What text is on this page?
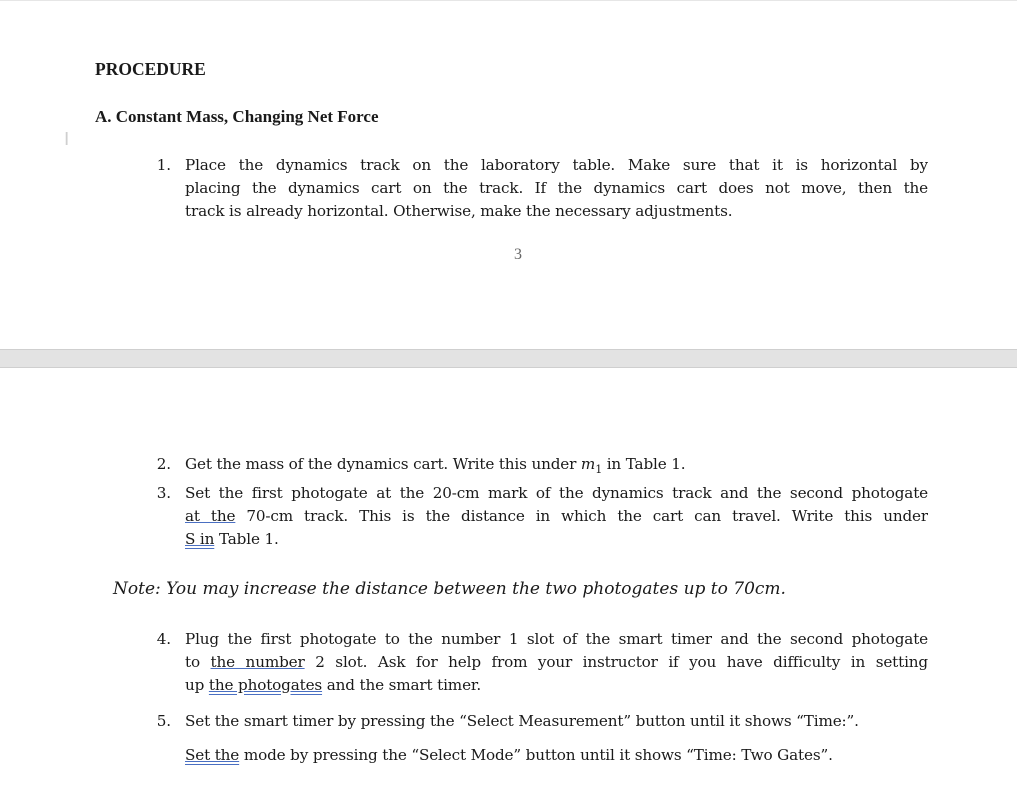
PROCEDURE
A. Constant Mass, Changing Net Force
I
1. Place the dynamics track on the laboratory table. Make sure that it is horizontal by
placing the dynamics cart on the track. If the dynamics cart does not move, then the
track is already horizontal. Otherwise, make the necessary adjustments.
3
2. Get the mass of the dynamics cart. Write this under $m_1$ in Table 1.
3. Set the first photogate at the 20-cm mark of the dynamics track and the second photogate
at the 70-cm track. This is the distance in which the cart can travel. Write this under
S in Table 1.
Note: You may increase the distance between the two photogates up to 70cm.
4. Plug the first photogate to the number 1 slot of the smart timer and the second photogate
to the number 2 slot. Ask for help from your instructor if you have difficulty in setting
up the photogates and the smart timer.
5. Set the smart timer by pressing the “Select Measurement” button until it shows “Time:”.
Set the mode by pressing the “Select Mode” button until it shows “Time: Two Gates”.
